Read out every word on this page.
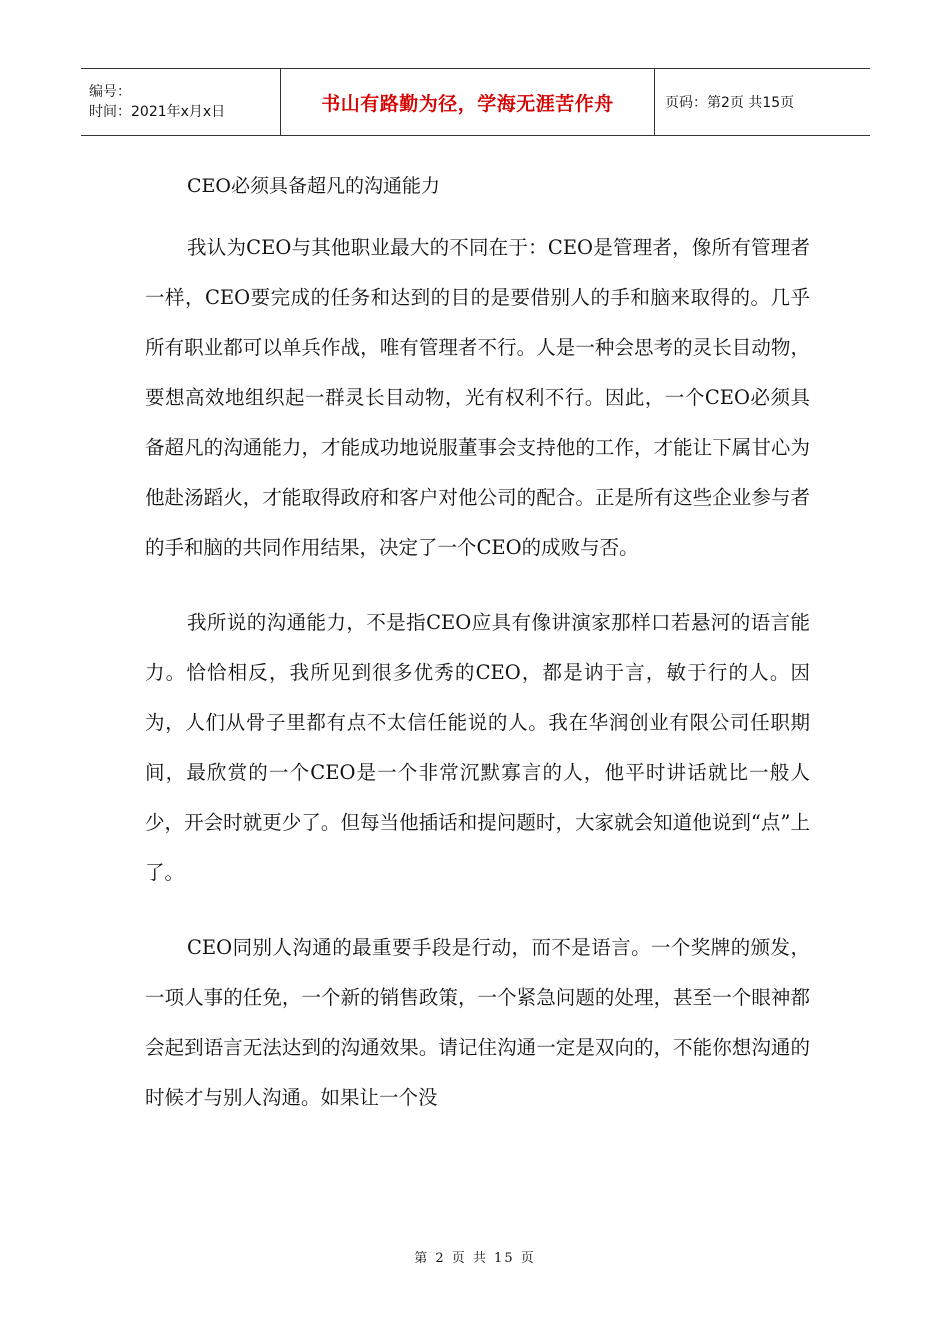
编号：
时间：2021年x月x日	书山有路勤为径，学海无涯苦作舟	页码：第2页 共15页
CEO必须具备超凡的沟通能力

我认为CEO与其他职业最大的不同在于：CEO是管理者，像所有管理者一样，CEO要完成的任务和达到的目的是要借别人的手和脑来取得的。几乎所有职业都可以单兵作战，唯有管理者不行。人是一种会思考的灵长目动物，要想高效地组织起一群灵长目动物，光有权利不行。因此，一个CEO必须具备超凡的沟通能力，才能成功地说服董事会支持他的工作，才能让下属甘心为他赴汤蹈火，才能取得政府和客户对他公司的配合。正是所有这些企业参与者的手和脑的共同作用结果，决定了一个CEO的成败与否。

我所说的沟通能力，不是指CEO应具有像讲演家那样口若悬河的语言能力。恰恰相反，我所见到很多优秀的CEO，都是讷于言，敏于行的人。因为，人们从骨子里都有点不太信任能说的人。我在华润创业有限公司任职期间，最欣赏的一个CEO是一个非常沉默寡言的人，他平时讲话就比一般人少，开会时就更少了。但每当他插话和提问题时，大家就会知道他说到“点”上了。

CEO同别人沟通的最重要手段是行动，而不是语言。一个奖牌的颁发，一项人事的任免，一个新的销售政策，一个紧急问题的处理，甚至一个眼神都会起到语言无法达到的沟通效果。请记住沟通一定是双向的，不能你想沟通的时候才与别人沟通。如果让一个没

第 2 页 共 15 页
